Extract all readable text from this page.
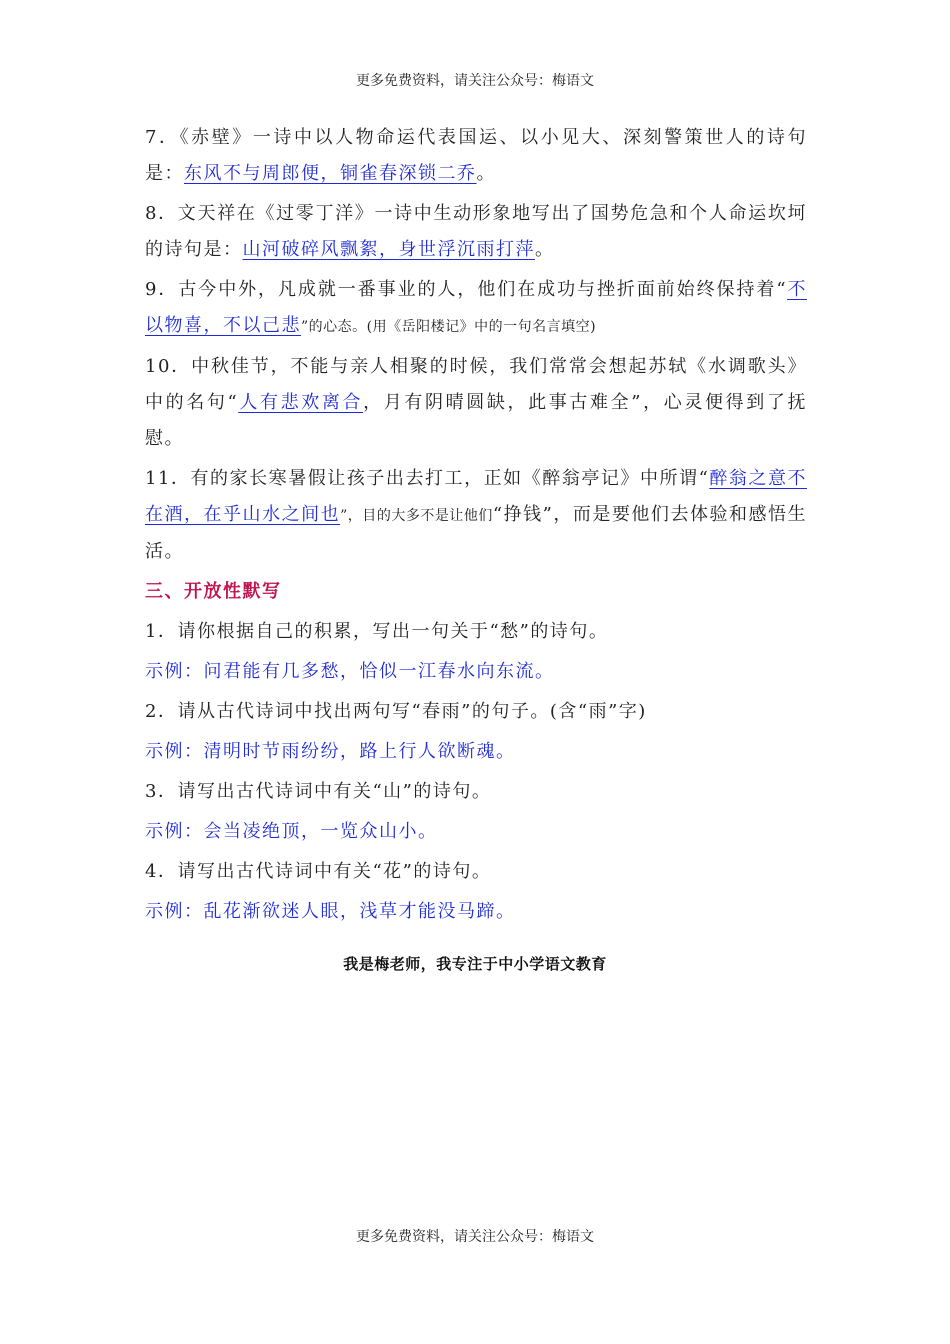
更多免费资料，请关注公众号：梅语文

7．《赤壁》一诗中以人物命运代表国运、以小见大、深刻警策世人的诗句是：东风不与周郎便，铜雀春深锁二乔。

8．文天祥在《过零丁洋》一诗中生动形象地写出了国势危急和个人命运坎坷的诗句是：山河破碎风飘絮，身世浮沉雨打萍。

9．古今中外，凡成就一番事业的人，他们在成功与挫折面前始终保持着“不以物喜，不以己悲”的心态。(用《岳阳楼记》中的一句名言填空)

10．中秋佳节，不能与亲人相聚的时候，我们常常会想起苏轼《水调歌头》中的名句“人有悲欢离合，月有阴晴圆缺，此事古难全”，心灵便得到了抚慰。

11．有的家长寒暑假让孩子出去打工，正如《醉翁亭记》中所谓“醉翁之意不在酒，在乎山水之间也”，目的大多不是让他们“挣钱”，而是要他们去体验和感悟生活。

三、开放性默写

1．请你根据自己的积累，写出一句关于“愁”的诗句。

示例：问君能有几多愁，恰似一江春水向东流。

2．请从古代诗词中找出两句写“春雨”的句子。(含“雨”字)

示例：清明时节雨纷纷，路上行人欲断魂。

3．请写出古代诗词中有关“山”的诗句。

示例：会当凌绝顶，一览众山小。

4．请写出古代诗词中有关“花”的诗句。

示例：乱花渐欲迷人眼，浅草才能没马蹄。

我是梅老师，我专注于中小学语文教育
更多免费资料，请关注公众号：梅语文
